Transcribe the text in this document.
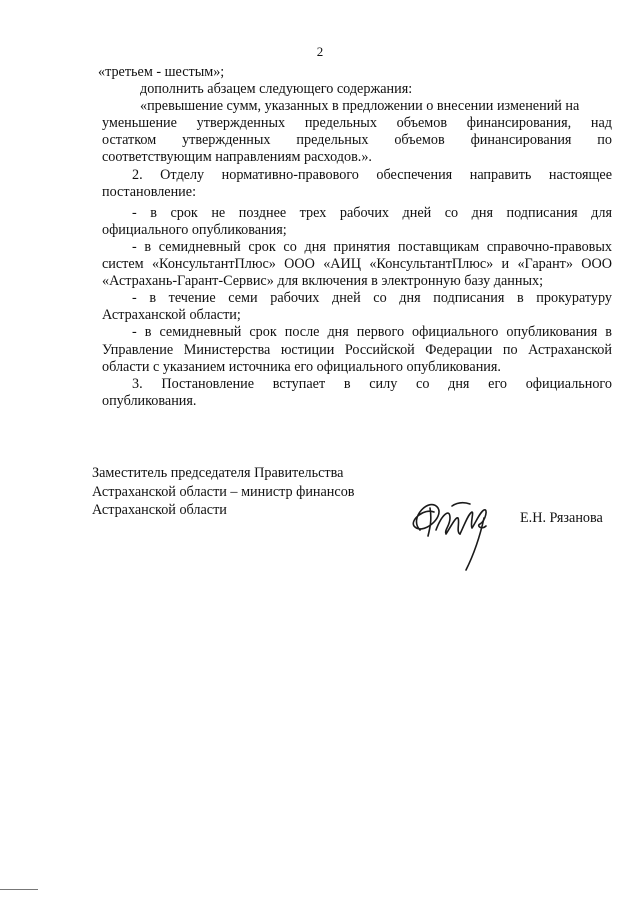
2
«третьем - шестым»;
дополнить абзацем следующего содержания:
«превышение сумм, указанных в предложении о внесении изменений на
уменьшение утвержденных предельных объемов финансирования, над
остатком утвержденных предельных объемов финансирования по
соответствующим направлениям расходов.».
2. Отделу нормативно-правового обеспечения направить настоящее
постановление:
- в срок не позднее трех рабочих дней со дня подписания для
официального опубликования;
- в семидневный срок со дня принятия поставщикам справочно-правовых
систем «КонсультантПлюс» ООО «АИЦ «КонсультантПлюс» и «Гарант» ООО
«Астрахань-Гарант-Сервис» для включения в электронную базу данных;
- в течение семи рабочих дней со дня подписания в прокуратуру
Астраханской области;
- в семидневный срок после дня первого официального опубликования в
Управление Министерства юстиции Российской Федерации по Астраханской
области с указанием источника его официального опубликования.
3. Постановление вступает в силу со дня его официального
опубликования.
Заместитель председателя Правительства
Астраханской области – министр финансов
Астраханской области	Е.Н. Рязанова
